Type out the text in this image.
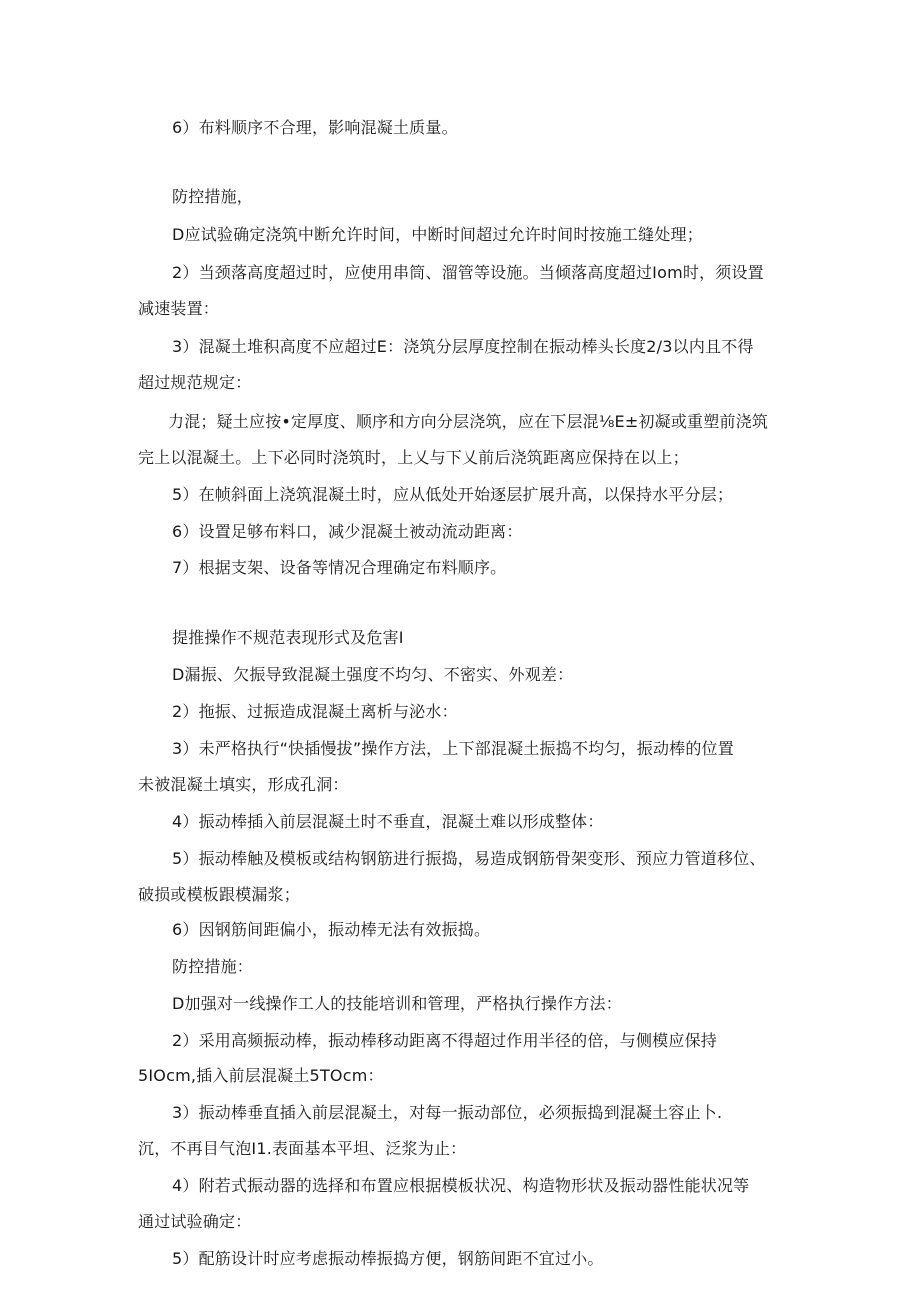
6）布料顺序不合理，影响混凝土质量。
防控措施，
D应试验确定浇筑中断允许时间，中断时间超过允许时间时按施工缝处理；
2）当颈落高度超过时，应使用串筒、溜管等设施。当倾落高度超过Iom时，须设置
减速装置：
3）混凝土堆积高度不应超过E：浇筑分层厚度控制在振动棒头长度2/3以内且不得
超过规范规定：
力混；疑土应按•定厚度、顺序和方向分层浇筑，应在下层混⅛E±初凝或重塑前浇筑
完上以混凝土。上下必同时浇筑时，上乂与下乂前后浇筑距离应保持在以上；
5）在帧斜面上浇筑混凝土时，应从低处开始逐层扩展升高，以保持水平分层；
6）设置足够布料口，减少混凝土被动流动距离：
7）根据支架、设备等情况合理确定布料顺序。
提推操作不规范表现形式及危害I
D漏振、欠振导致混凝土强度不均匀、不密实、外观差：
2）拖振、过振造成混凝土离析与泌水：
3）未严格执行“快插慢拔”操作方法，上下部混凝土振捣不均匀，振动棒的位置
未被混凝土填实，形成孔洞：
4）振动棒插入前层混凝土时不垂直，混凝土难以形成整体：
5）振动棒触及模板或结构钢筋进行振捣，易造成钢筋骨架变形、预应力管道移位、
破损或模板跟模漏浆；
6）因钢筋间距偏小，振动棒无法有效振捣。
防控措施：
D加强对一线操作工人的技能培训和管理，严格执行操作方法：
2）采用高频振动棒，振动棒移动距离不得超过作用半径的倍，与侧模应保持
5IOcm,插入前层混凝土5TOcm：
3）振动棒垂直插入前层混凝土，对每一振动部位，必须振捣到混凝土容止卜.
沉，不再目气泡I1.表面基本平坦、泛浆为止：
4）附若式振动器的选择和布置应根据模板状况、构造物形状及振动器性能状况等
通过试验确定：
5）配筋设计时应考虑振动棒振捣方便，钢筋间距不宜过小。
